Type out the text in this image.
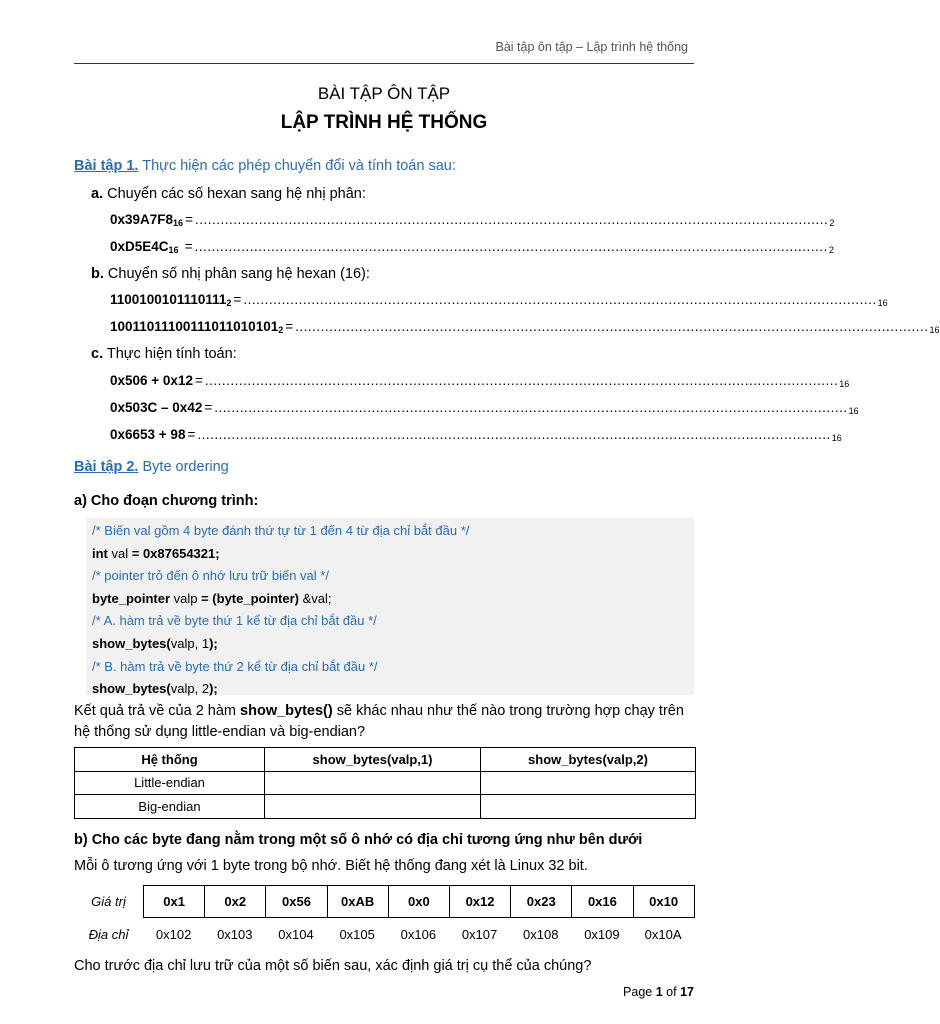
Bài tập ôn tập – Lập trình hệ thống
BÀI TẬP ÔN TẬP
LẬP TRÌNH HỆ THỐNG
Bài tập 1. Thực hiện các phép chuyển đổi và tính toán sau:
a. Chuyển các số hexan sang hệ nhị phân:
$0x39A7F8_{16}$ = ..................................................................................................................................................... 2
$0xD5E4C_{16}$ = ..................................................................................................................................................... 2
b. Chuyển số nhị phân sang hệ hexan (16):
$1100100101110111_2$ = ..................................................................................................................................................... 16
$10011011100111011010101_2$ = ..................................................................................................................................................... 16
c. Thực hiện tính toán:
0x506 + 0x12 = ..................................................................................................................................................... 16
0x503C – 0x42 = ..................................................................................................................................................... 16
0x6653 + 98 = ..................................................................................................................................................... 16
Bài tập 2. Byte ordering
a) Cho đoạn chương trình:
/* Biến val gồm 4 byte đánh thứ tự từ 1 đến 4 từ địa chỉ bắt đầu */
int val = 0x87654321;
/* pointer trỏ đến ô nhớ lưu trữ biến val */
byte_pointer valp = (byte_pointer) &val;
/* A. hàm trả về byte thứ 1 kể từ địa chỉ bắt đầu */
show_bytes(valp, 1);
/* B. hàm trả về byte thứ 2 kể từ địa chỉ bắt đầu */
show_bytes(valp, 2);
Kết quả trả về của 2 hàm show_bytes() sẽ khác nhau như thế nào trong trường hợp chạy trên hệ thống sử dụng little-endian và big-endian?
Hệ thống	show_bytes(valp,1)	show_bytes(valp,2)
Little-endian		
Big-endian		
b) Cho các byte đang nằm trong một số ô nhớ có địa chỉ tương ứng như bên dưới
Mỗi ô tương ứng với 1 byte trong bộ nhớ. Biết hệ thống đang xét là Linux 32 bit.
Giá trị	0x1	0x2	0x56	0xAB	0x0	0x12	0x23	0x16	0x10
Địa chỉ	0x102	0x103	0x104	0x105	0x106	0x107	0x108	0x109	0x10A
Cho trước địa chỉ lưu trữ của một số biến sau, xác định giá trị cụ thể của chúng?
Page 1 of 17
